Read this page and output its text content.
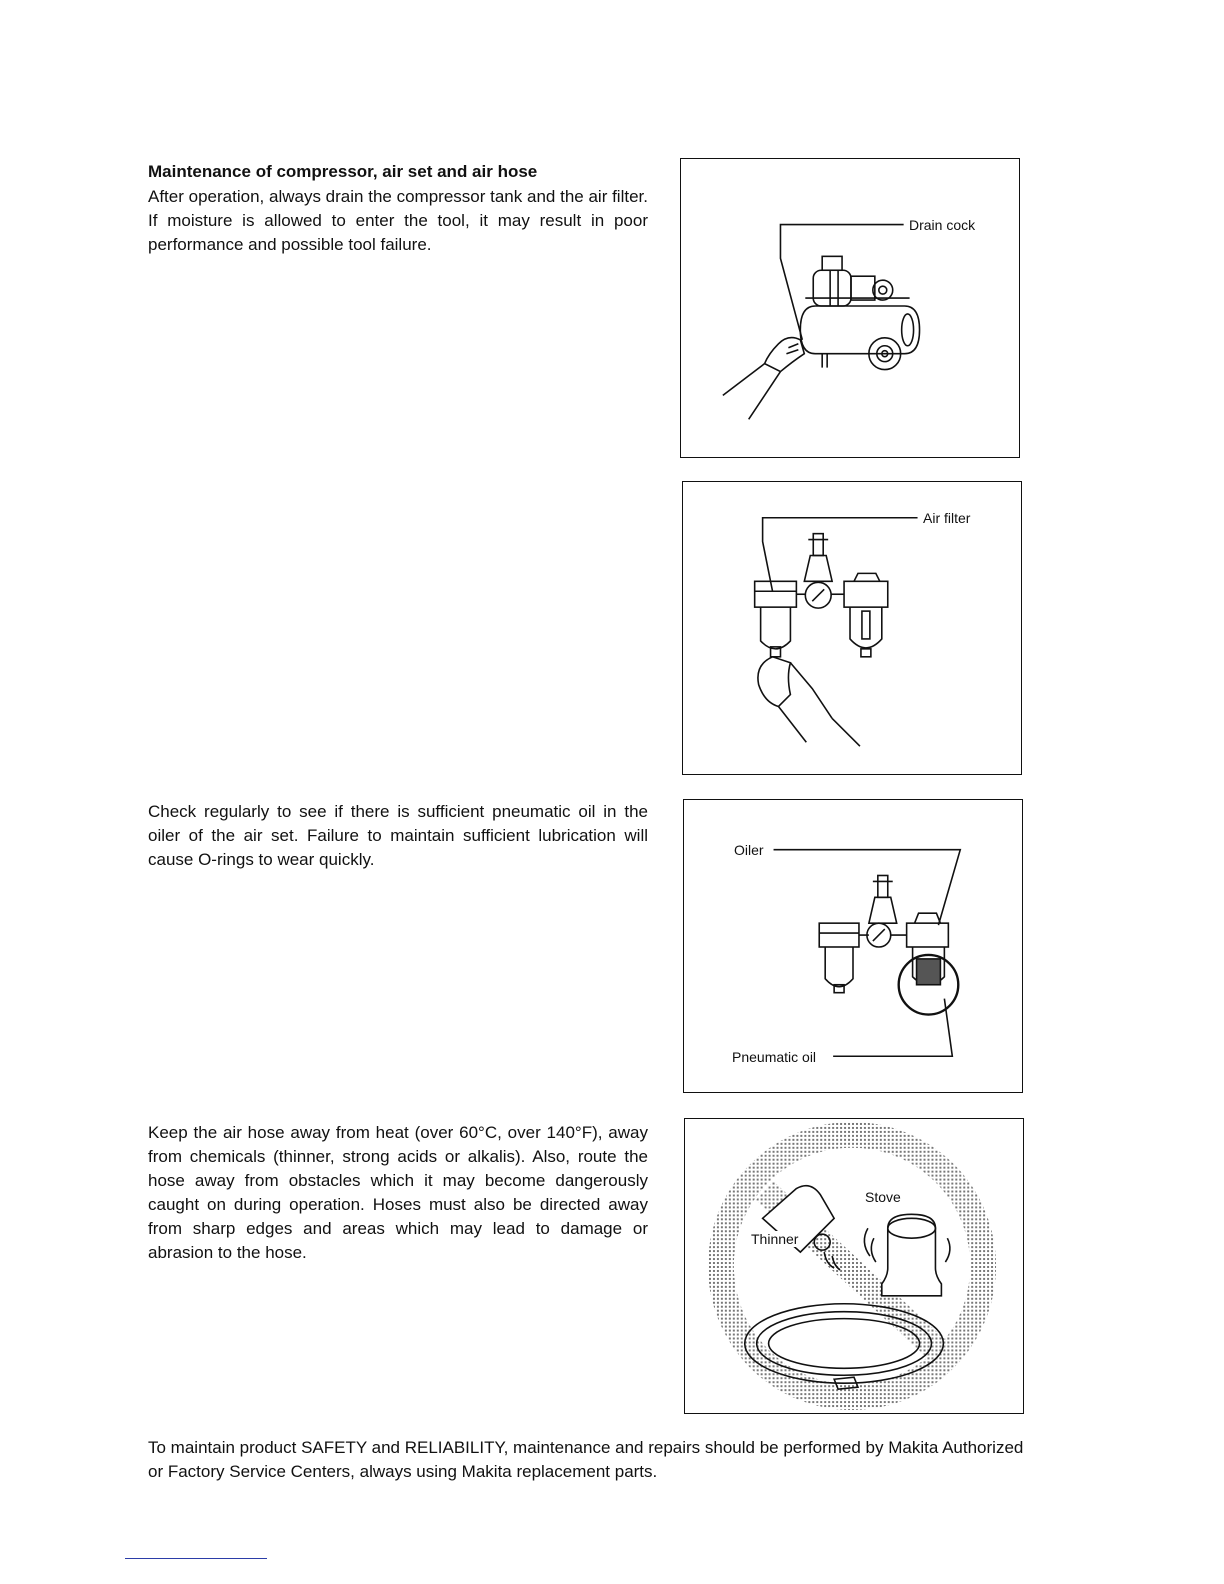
Maintenance of compressor, air set and air hose
After operation, always drain the compressor tank and the air filter. If moisture is allowed to enter the tool, it may result in poor performance and possible tool failure.
Check regularly to see if there is sufficient pneumatic oil in the oiler of the air set. Failure to maintain sufficient lubrication will cause O-rings to wear quickly.
Keep the air hose away from heat (over 60°C, over 140°F), away from chemicals (thinner, strong acids or alkalis). Also, route the hose away from obstacles which it may become dangerously caught on during operation. Hoses must also be directed away from sharp edges and areas which may lead to damage or abrasion to the hose.
Drain cock
Air filter
Oiler
Pneumatic oil
Stove
Thinner
To maintain product SAFETY and RELIABILITY, maintenance and repairs should be performed by Makita Authorized or Factory Service Centers, always using Makita replacement parts.
